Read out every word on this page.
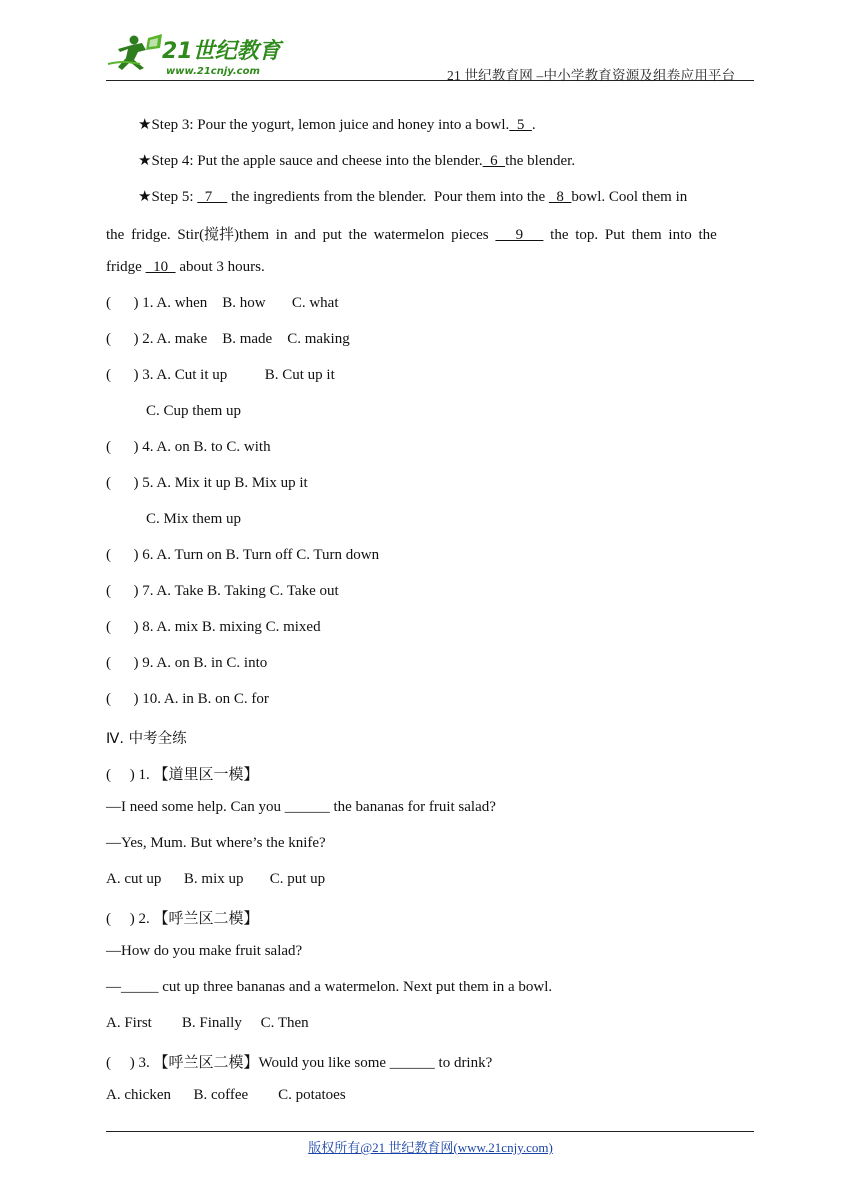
21世纪教育
www.21cnjy.com	21 世纪教育网 –中小学教育资源及组卷应用平台
★Step 3: Pour the yogurt, lemon juice and honey into a bowl.  5  .
★Step 4: Put the apple sauce and cheese into the blender.  6  the blender.
★Step 5:   7     the ingredients from the blender.  Pour them into the   8  bowl. Cool them in
the fridge. Stir(搅拌)them in and put the watermelon pieces    9    the top. Put them into the
fridge   10   about 3 hours.
(      ) 1. A. when    B. how       C. what
(      ) 2. A. make    B. made    C. making
(      ) 3. A. Cut it up          B. Cut up it
C. Cup them up
(      ) 4. A. on B. to C. with
(      ) 5. A. Mix it up B. Mix up it
C. Mix them up
(      ) 6. A. Turn on B. Turn off C. Turn down
(      ) 7. A. Take B. Taking C. Take out
(      ) 8. A. mix B. mixing C. mixed
(      ) 9. A. on B. in C. into
(      ) 10. A. in B. on C. for
Ⅳ. 中考全练
(     ) 1. 【道里区一模】
—I need some help. Can you ______ the bananas for fruit salad?
—Yes, Mum. But where’s the knife?
A. cut up      B. mix up       C. put up
(     ) 2. 【呼兰区二模】
—How do you make fruit salad?
—_____ cut up three bananas and a watermelon. Next put them in a bowl.
A. First        B. Finally     C. Then
(     ) 3. 【呼兰区二模】Would you like some ______ to drink?
A. chicken      B. coffee        C. potatoes
版权所有@21 世纪教育网(www.21cnjy.com)
